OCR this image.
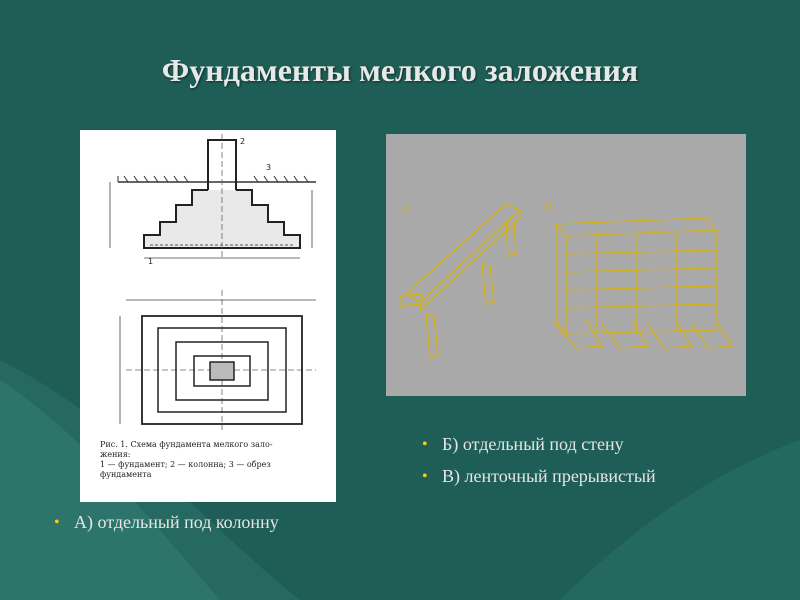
Фундаменты мелкого заложения
2
3
1
Рис. 1. Схема фундамента мелкого зало-
жения:
1 — фундамент; 2 — колонна; 3 — обрез
фундамента
1)	2)
• А) отдельный под колонну
• Б) отдельный под стену
• В) ленточный прерывистый
